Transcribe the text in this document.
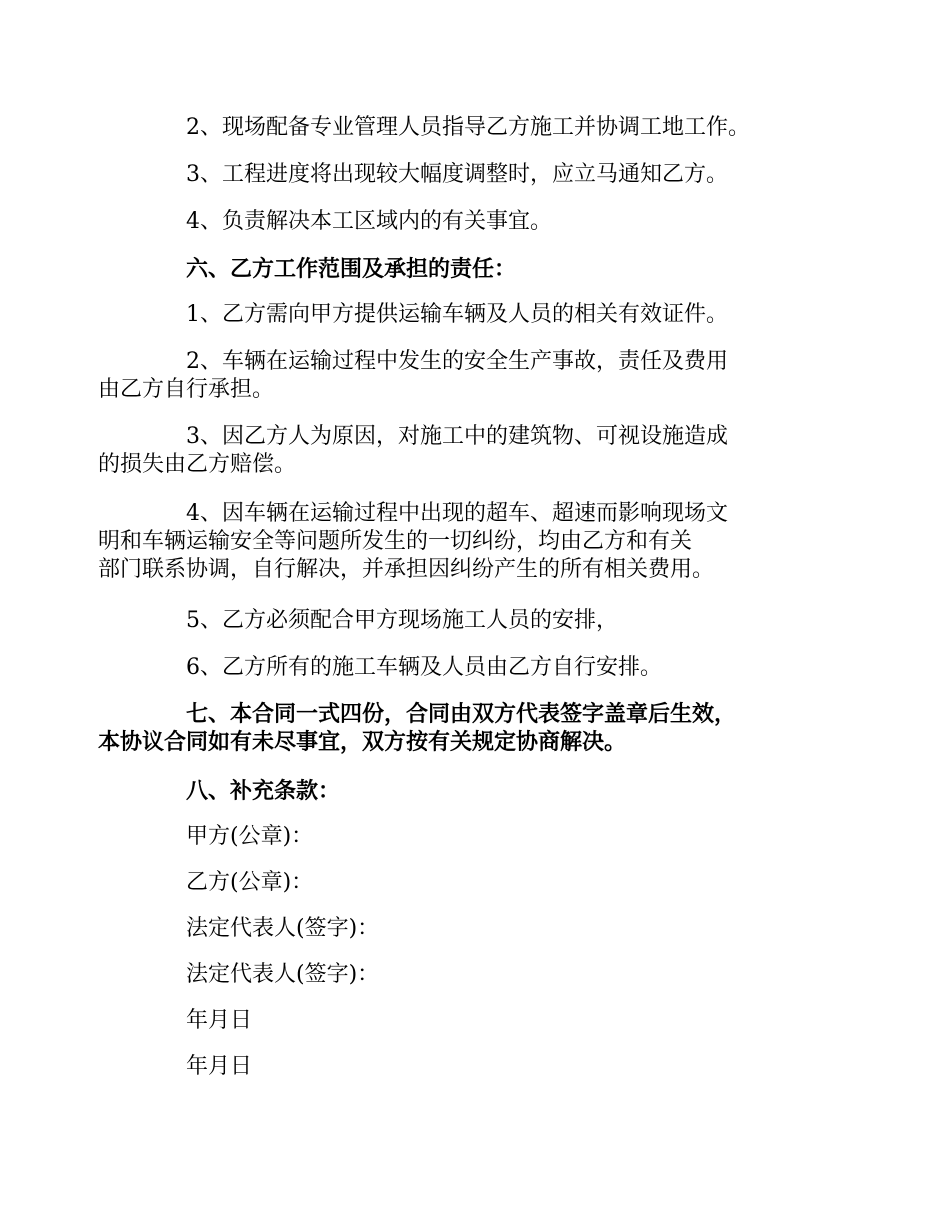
2、现场配备专业管理人员指导乙方施工并协调工地工作。

3、工程进度将出现较大幅度调整时，应立马通知乙方。

4、负责解决本工区域内的有关事宜。

六、乙方工作范围及承担的责任：

1、乙方需向甲方提供运输车辆及人员的相关有效证件。

2、车辆在运输过程中发生的安全生产事故，责任及费用
由乙方自行承担。

3、因乙方人为原因，对施工中的建筑物、可视设施造成
的损失由乙方赔偿。

4、因车辆在运输过程中出现的超车、超速而影响现场文
明和车辆运输安全等问题所发生的一切纠纷，均由乙方和有关
部门联系协调，自行解决，并承担因纠纷产生的所有相关费用。

5、乙方必须配合甲方现场施工人员的安排，

6、乙方所有的施工车辆及人员由乙方自行安排。

七、本合同一式四份，合同由双方代表签字盖章后生效，
本协议合同如有未尽事宜，双方按有关规定协商解决。

八、补充条款：

甲方(公章)：

乙方(公章)：

法定代表人(签字)：

法定代表人(签字)：

年月日

年月日
